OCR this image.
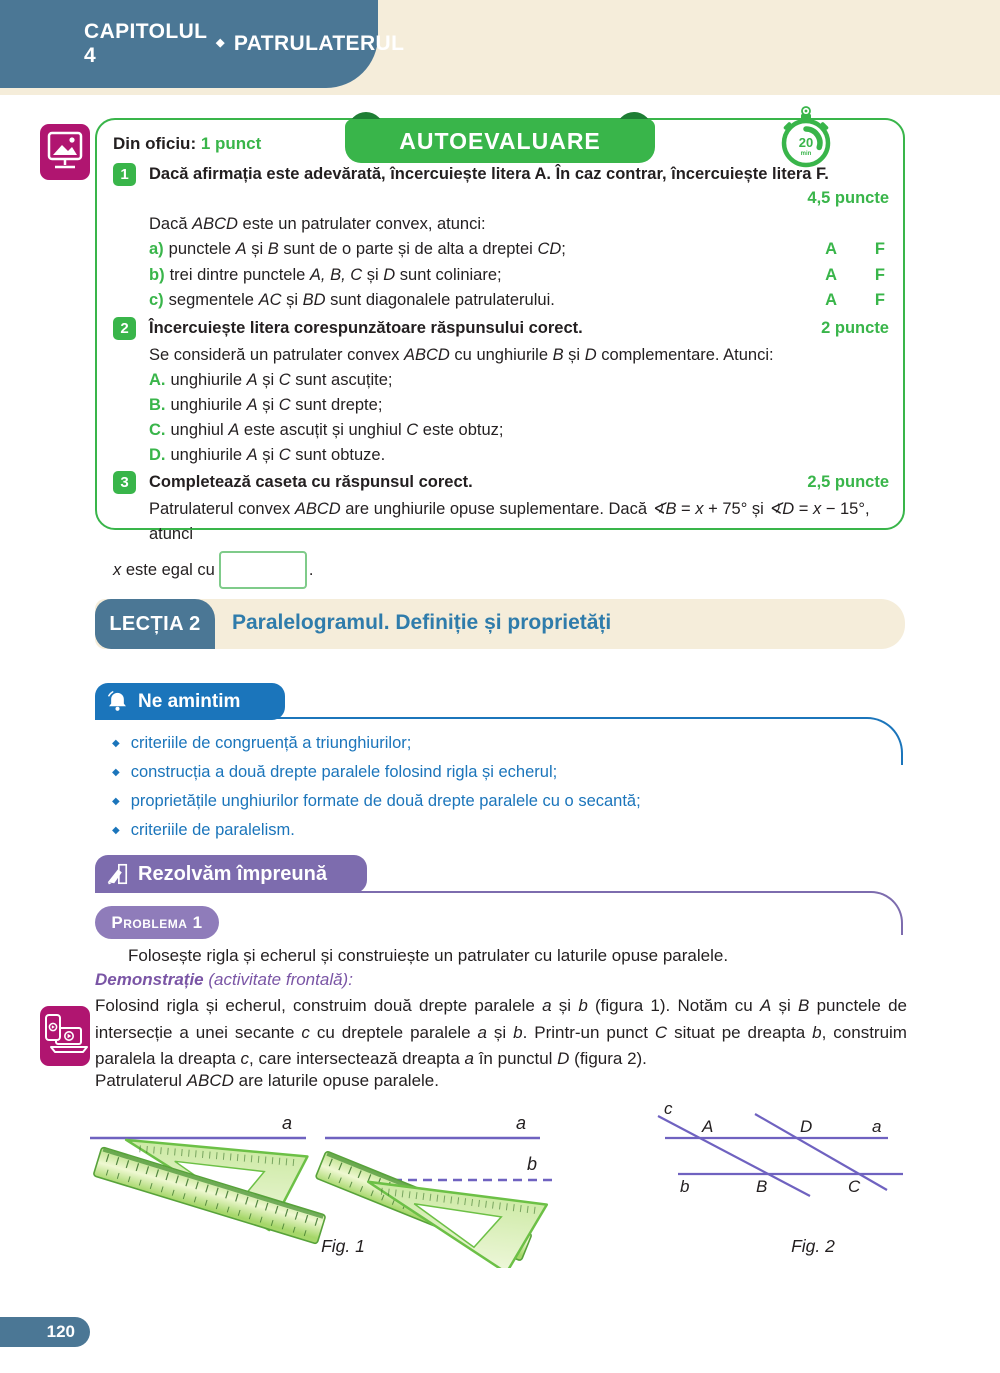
CAPITOLUL 4
◆ PATRULATERUL
Din oficiu: 1 punct
1	Dacă afirmația este adevărată, încercuiește litera A. În caz contrar, încercuiește litera F.
4,5 puncte
Dacă ABCD este un patrulater convex, atunci:
a) punctele A și B sunt de o parte și de alta a dreptei CD;	A F
b) trei dintre punctele A, B, C și D sunt coliniare;	A F
c) segmentele AC și BD sunt diagonalele patrulaterului.	A F
2	Încercuiește litera corespunzătoare răspunsului corect.	2 puncte
Se consideră un patrulater convex ABCD cu unghiurile B și D complementare. Atunci:
A. unghiurile A și C sunt ascuțite;
B. unghiurile A și C sunt drepte;
C. unghiul A este ascuțit și unghiul C este obtuz;
D. unghiurile A și C sunt obtuze.
3	Completează caseta cu răspunsul corect.	2,5 puncte
Patrulaterul convex ABCD are unghiurile opuse suplementare. Dacă ∢B = x + 75° și ∢D = x − 15°, atunci
x este egal cu	.
AUTOEVALUARE	20
min
LECȚIA 2	Paralelogramul. Definiție și proprietăți
Ne amintim
◆ criteriile de congruență a triunghiurilor;
◆ construcția a două drepte paralele folosind rigla și echerul;
◆ proprietățile unghiurilor formate de două drepte paralele cu o secantă;
◆ criteriile de paralelism.
Rezolvăm împreună
Problema 1
Folosește rigla și echerul și construiește un patrulater cu laturile opuse paralele.
Demonstrație (activitate frontală):
Folosind rigla și echerul, construim două drepte paralele a și b (figura 1). Notăm cu A și B punctele de intersecție a unei secante c cu dreptele paralele a și b. Printr-un punct C situat pe dreapta b, construim paralela la dreapta c, care intersectează dreapta a în punctul D (figura 2).
Patrulaterul ABCD are laturile opuse paralele.
a	a
b
Fig. 1
c
A	D	a
b	B	C
Fig. 2
120
